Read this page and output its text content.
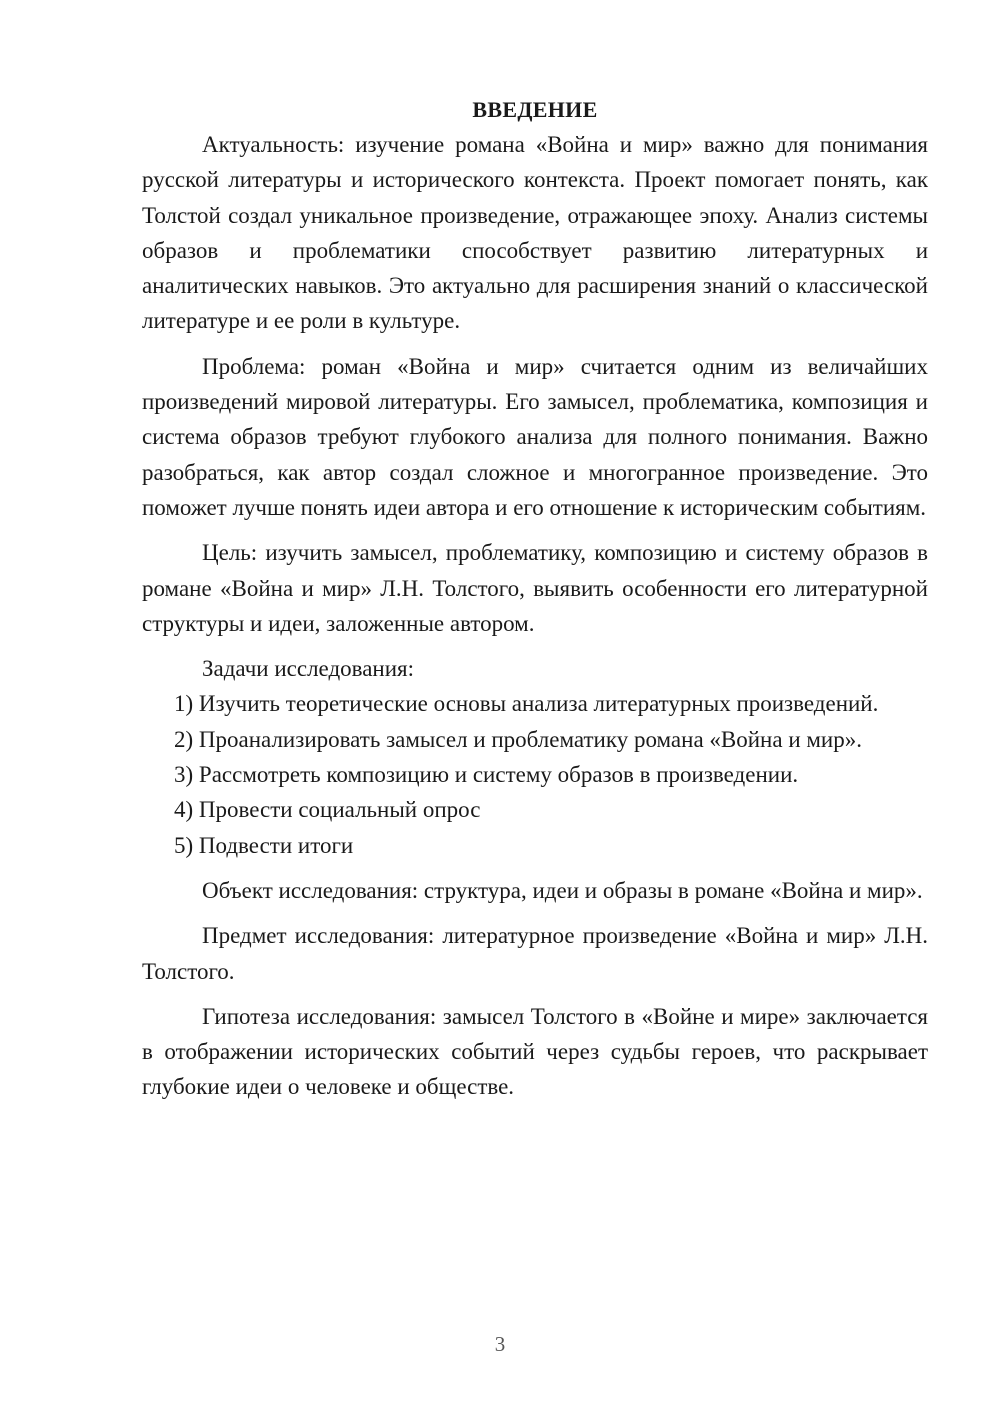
ВВЕДЕНИЕ

Актуальность: изучение романа «Война и мир» важно для понимания русской литературы и исторического контекста. Проект помогает понять, как Толстой создал уникальное произведение, отражающее эпоху. Анализ системы образов и проблематики способствует развитию литературных и аналитических навыков. Это актуально для расширения знаний о классической литературе и ее роли в культуре.

Проблема: роман «Война и мир» считается одним из величайших произведений мировой литературы. Его замысел, проблематика, композиция и система образов требуют глубокого анализа для полного понимания. Важно разобраться, как автор создал сложное и многогранное произведение. Это поможет лучше понять идеи автора и его отношение к историческим событиям.

Цель: изучить замысел, проблематику, композицию и систему образов в романе «Война и мир» Л.Н. Толстого, выявить особенности его литературной структуры и идеи, заложенные автором.

Задачи исследования:

1) Изучить теоретические основы анализа литературных произведений.

2) Проанализировать замысел и проблематику романа «Война и мир».

3) Рассмотреть композицию и систему образов в произведении.

4) Провести социальный опрос

5) Подвести итоги

Объект исследования: структура, идеи и образы в романе «Война и мир».

Предмет исследования: литературное произведение «Война и мир» Л.Н. Толстого.

Гипотеза исследования: замысел Толстого в «Войне и мире» заключается в отображении исторических событий через судьбы героев, что раскрывает глубокие идеи о человеке и обществе.

3
